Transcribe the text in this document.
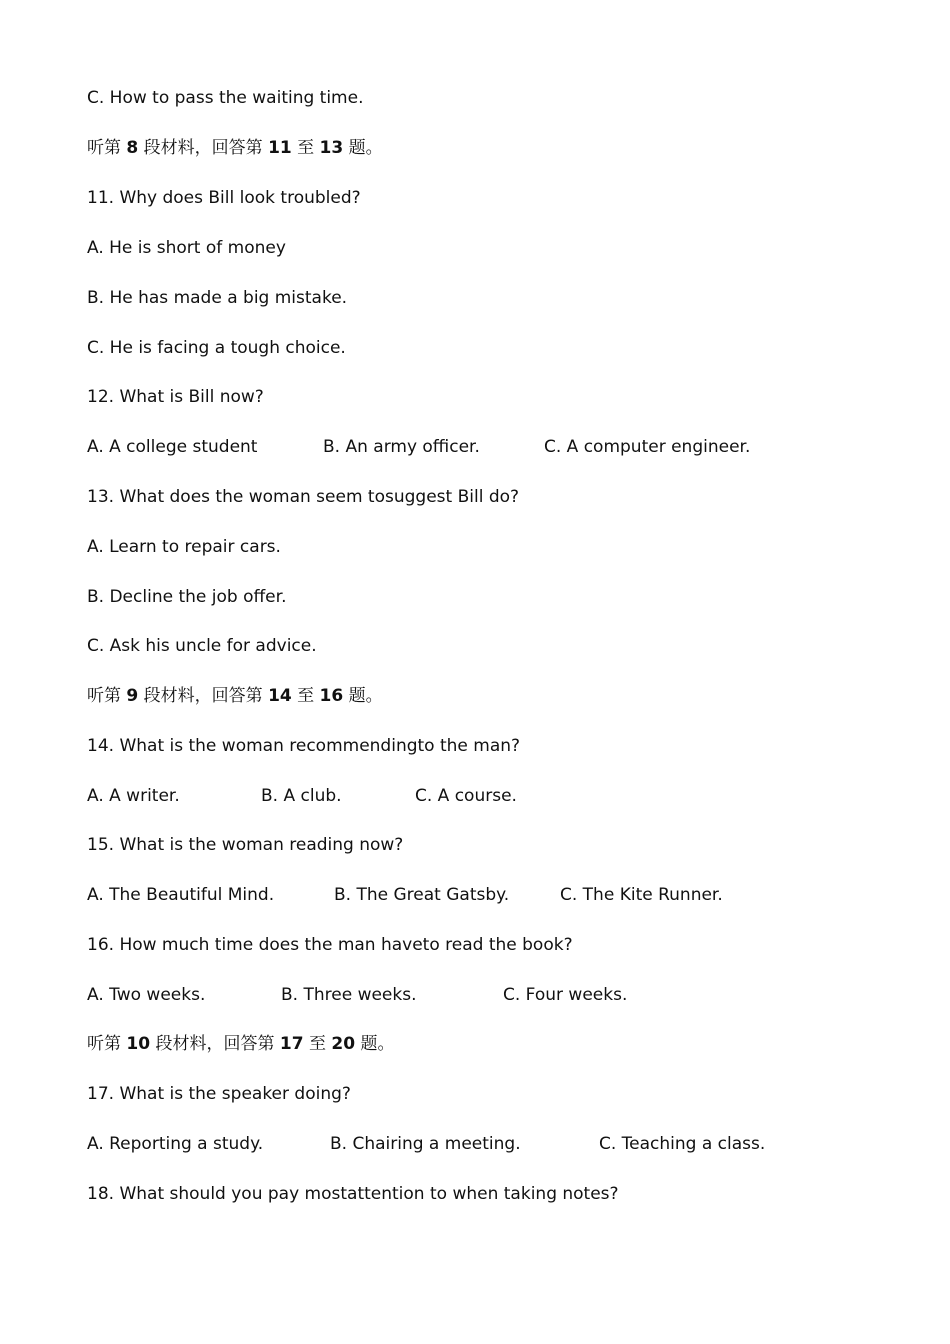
C. How to pass the waiting time.
听第 8 段材料，回答第 11 至 13 题。
11. Why does Bill look troubled?
A. He is short of money
B. He has made a big mistake.
C. He is facing a tough choice.
12. What is Bill now?
A. A college student	B. An army officer.	C. A computer engineer.
13. What does the woman seem tosuggest Bill do?
A. Learn to repair cars.
B. Decline the job offer.
C. Ask his uncle for advice.
听第 9 段材料，回答第 14 至 16 题。
14. What is the woman recommendingto the man?
A. A writer.	B. A club.	C. A course.
15. What is the woman reading now?
A. The Beautiful Mind.	B. The Great Gatsby.	C. The Kite Runner.
16. How much time does the man haveto read the book?
A. Two weeks.	B. Three weeks.	C. Four weeks.
听第 10 段材料，回答第 17 至 20 题。
17. What is the speaker doing?
A. Reporting a study.	B. Chairing a meeting.	C. Teaching a class.
18. What should you pay mostattention to when taking notes?
